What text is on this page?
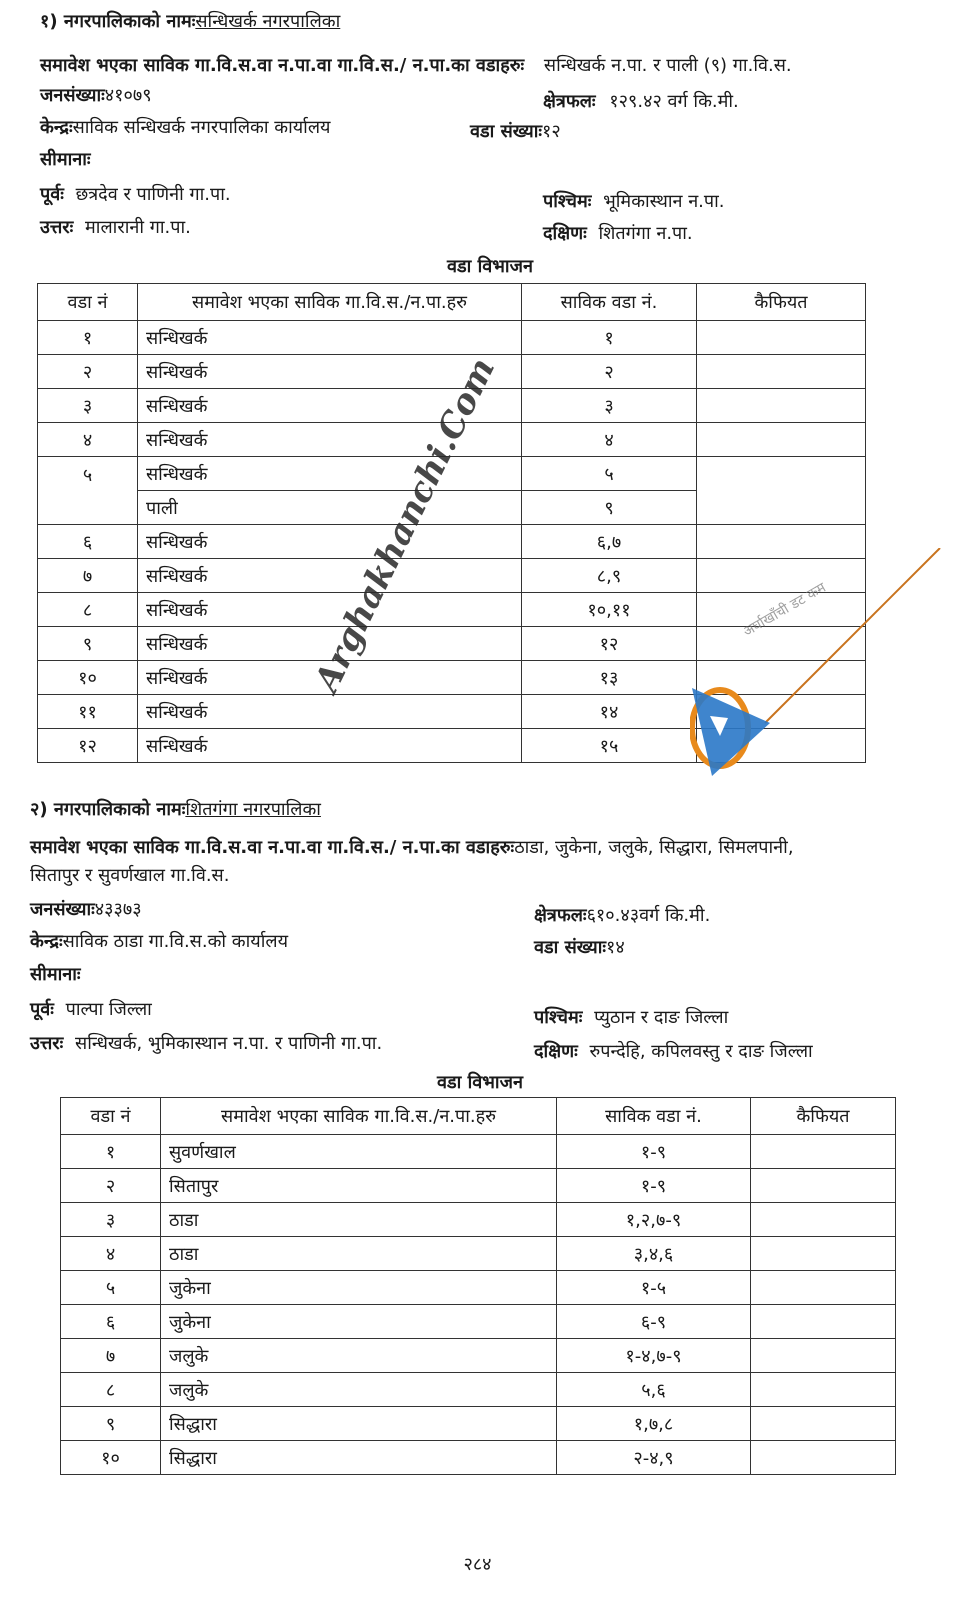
१) नगरपालिकाको नामःसन्धिखर्क नगरपालिका
समावेश भएका साविक गा.वि.स.वा न.पा.वा गा.वि.स./ न.पा.का वडाहरुः सन्धिखर्क न.पा. र पाली (९) गा.वि.स.
जनसंख्याः४१०७९	क्षेत्रफलः १२९.४२ वर्ग कि.मी.
केन्द्रःसाविक सन्धिखर्क नगरपालिका कार्यालय	वडा संख्याः१२
सीमानाः
पूर्वः छत्रदेव र पाणिनी गा.पा.	पश्चिमः भूमिकास्थान न.पा.
उत्तरः मालारानी गा.पा.	दक्षिणः शितगंगा न.पा.
वडा विभाजन
वडा नं	समावेश भएका साविक गा.वि.स./न.पा.हरु	साविक वडा नं.	कैफियत
१	सन्धिखर्क	१	
२	सन्धिखर्क	२	
३	सन्धिखर्क	३	
४	सन्धिखर्क	४	
५	सन्धिखर्क	५	
	पाली	९	
६	सन्धिखर्क	६,७	
७	सन्धिखर्क	८,९	
८	सन्धिखर्क	१०,११	
९	सन्धिखर्क	१२	
१०	सन्धिखर्क	१३	
११	सन्धिखर्क	१४	
१२	सन्धिखर्क	१५	
Arghakhanchi.Com	अर्घाखाँची डट कम
२) नगरपालिकाको नामःशितगंगा नगरपालिका
समावेश भएका साविक गा.वि.स.वा न.पा.वा गा.वि.स./ न.पा.का वडाहरुःठाडा, जुकेना, जलुके, सिद्धारा, सिमलपानी,
सितापुर र सुवर्णखाल गा.वि.स.
जनसंख्याः४३३७३	क्षेत्रफलः६१०.४३वर्ग कि.मी.
केन्द्रःसाविक ठाडा गा.वि.स.को कार्यालय	वडा संख्याः१४
सीमानाः
पूर्वः पाल्पा जिल्ला	पश्चिमः प्युठान र दाङ जिल्ला
उत्तरः सन्धिखर्क, भुमिकास्थान न.पा. र पाणिनी गा.पा.	दक्षिणः रुपन्देहि, कपिलवस्तु र दाङ जिल्ला
वडा विभाजन
वडा नं	समावेश भएका साविक गा.वि.स./न.पा.हरु	साविक वडा नं.	कैफियत
१	सुवर्णखाल	१-९	
२	सितापुर	१-९	
३	ठाडा	१,२,७-९	
४	ठाडा	३,४,६	
५	जुकेना	१-५	
६	जुकेना	६-९	
७	जलुके	१-४,७-९	
८	जलुके	५,६	
९	सिद्धारा	१,७,८	
१०	सिद्धारा	२-४,९	
२८४
